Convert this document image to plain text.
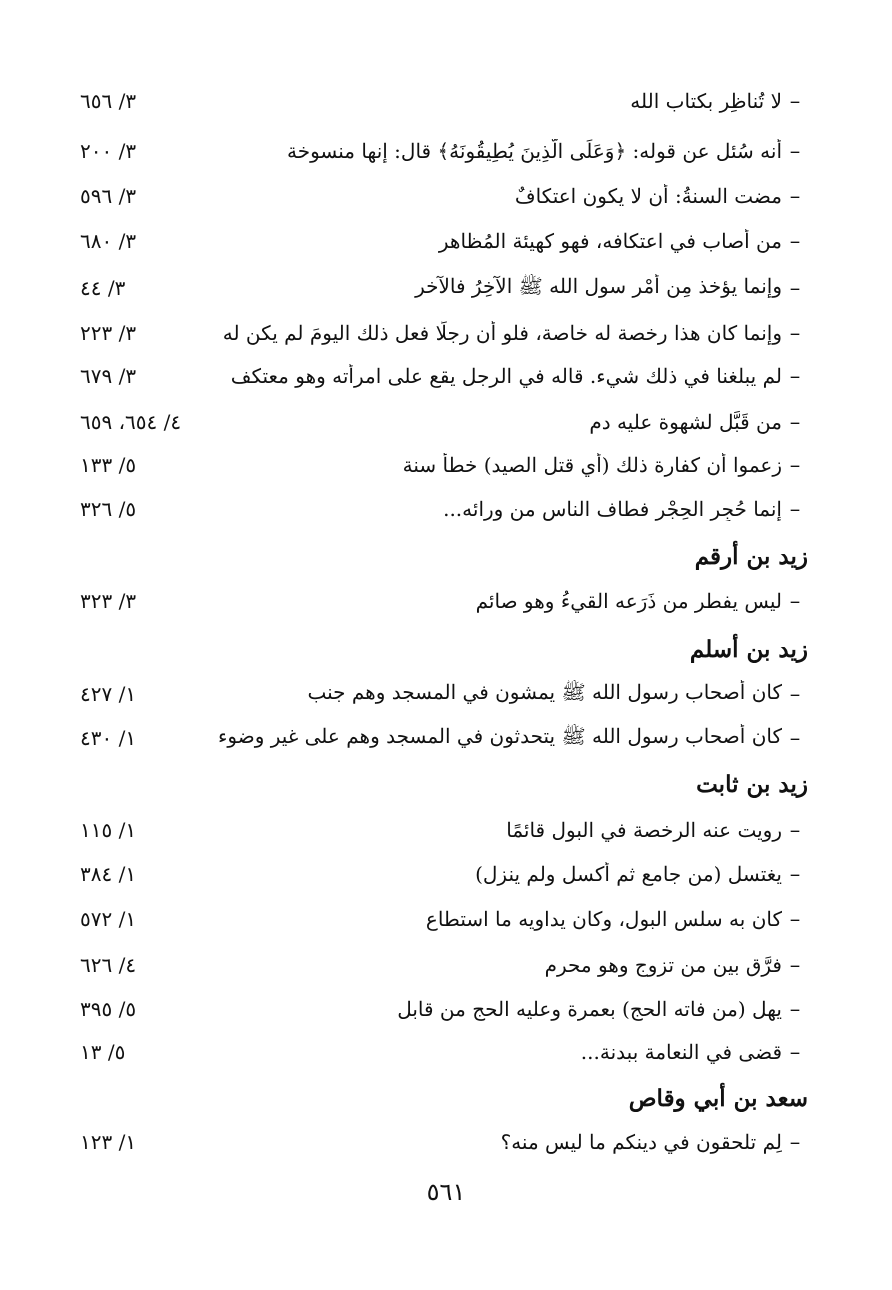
–
لا تُناظِر بكتاب الله
٣/ ٦٥٦
–
أنه سُئل عن قوله: ﴿وَعَلَى الَّذِينَ يُطِيقُونَهُ﴾ قال: إنها منسوخة
٣/ ٢٠٠
–
مضت السنةُ: أن لا يكون اعتكافٌ
٣/ ٥٩٦
–
من أصاب في اعتكافه، فهو كهيئة المُظاهر
٣/ ٦٨٠
–
وإنما يؤخذ مِن أَمْر سول الله ﷺ الآخِرُ فالآخر
٣/ ٤٤
–
وإنما كان هذا رخصة له خاصة، فلو أن رجلًا فعل ذلك اليومَ لم يكن له
٣/ ٢٢٣
–
لم يبلغنا في ذلك شيء. قاله في الرجل يقع على امرأته وهو معتكف
٣/ ٦٧٩
–
من قَبَّل لشهوة عليه دم
٤/ ٦٥٤، ٦٥٩
–
زعموا أن كفارة ذلك (أي قتل الصيد) خطأً سنة
٥/ ١٣٣
–
إنما حُجِر الحِجْر فطاف الناس من ورائه...
٥/ ٣٢٦
زيد بن أرقم
–
ليس يفطر من ذَرَعه القيءُ وهو صائم
٣/ ٣٢٣
زيد بن أسلم
–
كان أصحاب رسول الله ﷺ يمشون في المسجد وهم جنب
١/ ٤٢٧
–
كان أصحاب رسول الله ﷺ يتحدثون في المسجد وهم على غير وضوء
١/ ٤٣٠
زيد بن ثابت
–
رويت عنه الرخصة في البول قائمًا
١/ ١١٥
–
يغتسل (من جامع ثم أكسل ولم ينزل)
١/ ٣٨٤
–
كان به سلس البول، وكان يداويه ما استطاع
١/ ٥٧٢
–
فرَّق بين من تزوج وهو محرم
٤/ ٦٢٦
–
يهل (من فاته الحج) بعمرة وعليه الحج من قابل
٥/ ٣٩٥
–
قضى في النعامة ببدنة...
٥/ ١٣
سعد بن أبي وقاص
–
لِم تلحقون في دينكم ما ليس منه؟
١/ ١٢٣
٥٦١
